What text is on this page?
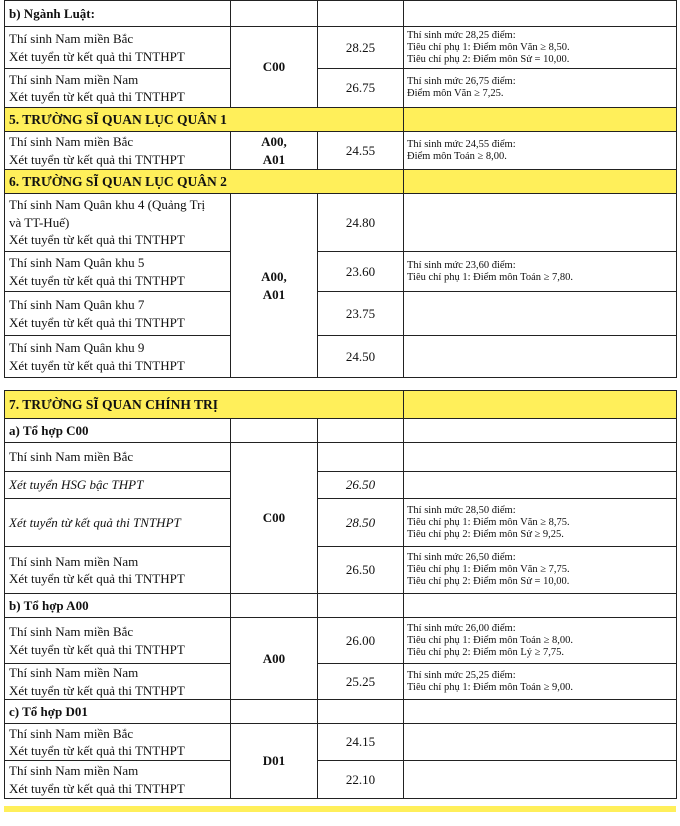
b) Ngành Luật:			

Thí sinh Nam miền Bắc
Xét tuyển từ kết quả thi TNTHPT	C00	28.25	Thí sinh mức 28,25 điểm:
Tiêu chí phụ 1: Điểm môn Văn ≥ 8,50.
Tiêu chí phụ 2: Điểm môn Sử = 10,00.

Thí sinh Nam miền Nam
Xét tuyển từ kết quả thi TNTHPT		26.75	Thí sinh mức 26,75 điểm:
Điểm môn Văn ≥ 7,25.

5. TRƯỜNG SĨ QUAN LỤC QUÂN 1			

Thí sinh Nam miền Bắc
Xét tuyển từ kết quả thi TNTHPT	A00,
A01	24.55	Thí sinh mức 24,55 điểm:
Điểm môn Toán ≥ 8,00.

6. TRƯỜNG SĨ QUAN LỤC QUÂN 2			

Thí sinh Nam Quân khu 4 (Quảng Trị
và TT-Huế)
Xét tuyển từ kết quả thi TNTHPT	A00,
A01	24.80	

Thí sinh Nam Quân khu 5
Xét tuyển từ kết quả thi TNTHPT		23.60	Thí sinh mức 23,60 điểm:
Tiêu chí phụ 1: Điểm môn Toán ≥ 7,80.

Thí sinh Nam Quân khu 7
Xét tuyển từ kết quả thi TNTHPT		23.75	

Thí sinh Nam Quân khu 9
Xét tuyển từ kết quả thi TNTHPT		24.50	
7. TRƯỜNG SĨ QUAN CHÍNH TRỊ			
a) Tổ hợp C00			
Thí sinh Nam miền Bắc	C00		
Xét tuyển HSG bậc THPT		26.50	
Xét tuyển từ kết quả thi TNTHPT		28.50	Thí sinh mức 28,50 điểm:
Tiêu chí phụ 1: Điểm môn Văn ≥ 8,75.
Tiêu chí phụ 2: Điểm môn Sử ≥ 9,25.

Thí sinh Nam miền Nam
Xét tuyển từ kết quả thi TNTHPT		26.50	Thí sinh mức 26,50 điểm:
Tiêu chí phụ 1: Điểm môn Văn ≥ 7,75.
Tiêu chí phụ 2: Điểm môn Sử = 10,00.

b) Tổ hợp A00			

Thí sinh Nam miền Bắc
Xét tuyển từ kết quả thi TNTHPT	A00	26.00	Thí sinh mức 26,00 điểm:
Tiêu chí phụ 1: Điểm môn Toán ≥ 8,00.
Tiêu chí phụ 2: Điểm môn Lý ≥ 7,75.

Thí sinh Nam miền Nam
Xét tuyển từ kết quả thi TNTHPT		25.25	Thí sinh mức 25,25 điểm:
Tiêu chí phụ 1: Điểm môn Toán ≥ 9,00.

c) Tổ hợp D01			

Thí sinh Nam miền Bắc
Xét tuyển từ kết quả thi TNTHPT	D01	24.15	

Thí sinh Nam miền Nam
Xét tuyển từ kết quả thi TNTHPT		22.10	
